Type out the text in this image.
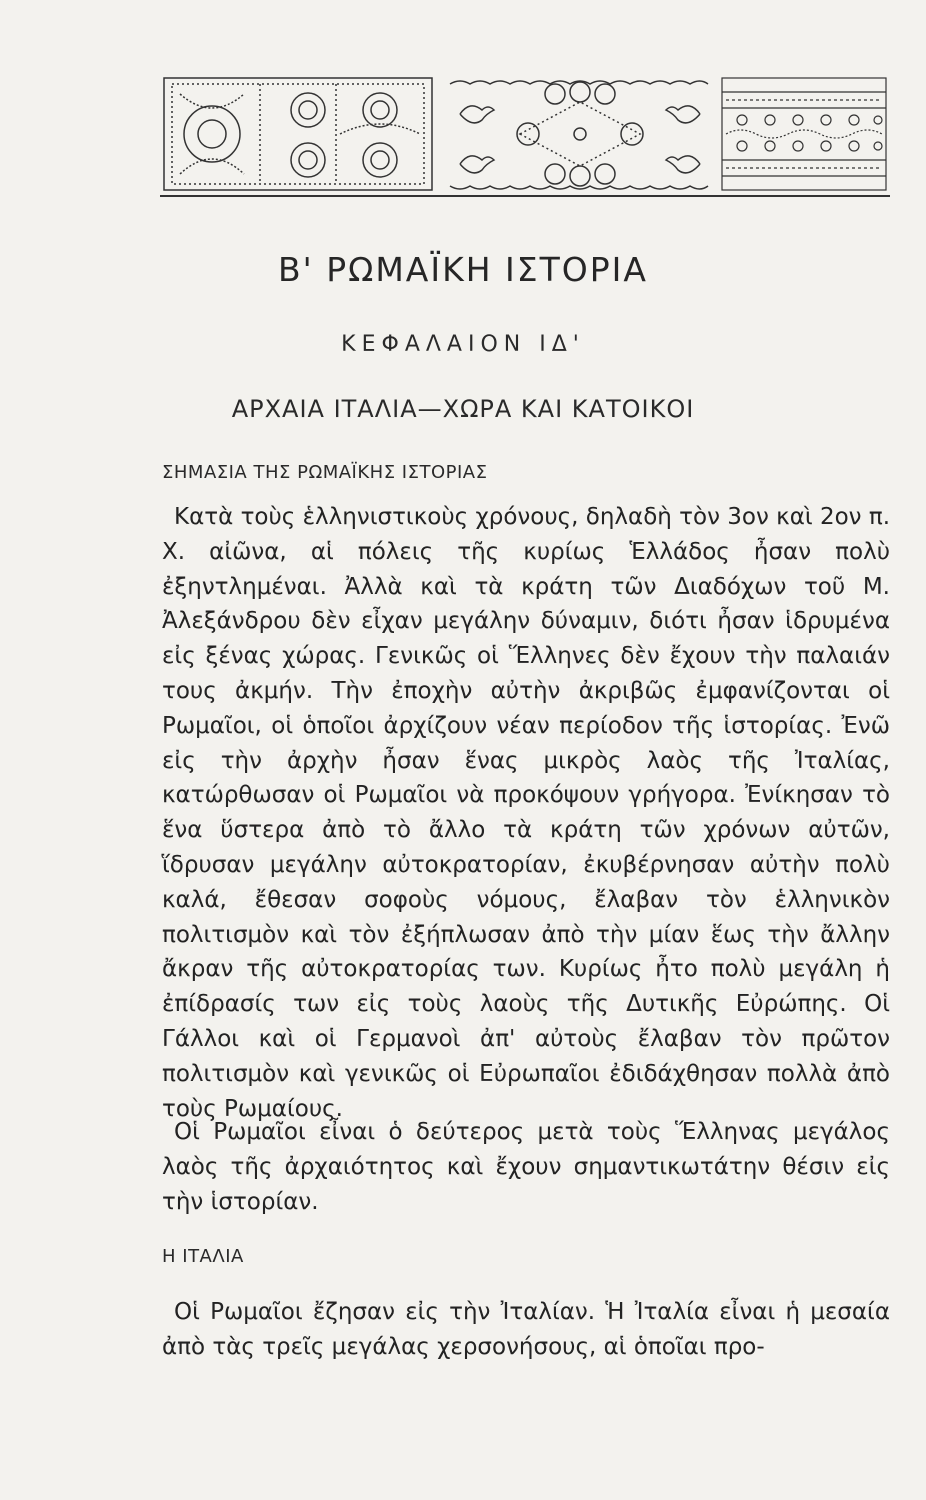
Β' ΡΩΜΑΪΚΗ ΙΣΤΟΡΙΑ
ΚΕΦΑΛΑΙΟΝ ΙΔ'
ΑΡΧΑΙΑ ΙΤΑΛΙΑ—ΧΩΡΑ ΚΑΙ ΚΑΤΟΙΚΟΙ
ΣΗΜΑΣΙΑ ΤΗΣ ΡΩΜΑΪΚΗΣ ΙΣΤΟΡΙΑΣ

Κατὰ τοὺς ἑλληνιστικοὺς χρόνους, δηλαδὴ τὸν 3ον καὶ 2ον π. Χ. αἰῶνα, αἱ πόλεις τῆς κυρίως Ἑλλάδος ἦσαν πολὺ ἐξηντλημέναι. Ἀλλὰ καὶ τὰ κράτη τῶν Διαδόχων τοῦ Μ. Ἀλεξάνδρου δὲν εἶχαν μεγάλην δύναμιν, διότι ἦσαν ἱδρυμένα εἰς ξένας χώρας. Γενικῶς οἱ Ἕλληνες δὲν ἔχουν τὴν παλαιάν τους ἀκμήν. Τὴν ἐποχὴν αὐτὴν ἀκριβῶς ἐμφανίζονται οἱ Ρωμαῖοι, οἱ ὁποῖοι ἀρχίζουν νέαν περίοδον τῆς ἱστορίας. Ἐνῶ εἰς τὴν ἀρχὴν ἦσαν ἕνας μικρὸς λαὸς τῆς Ἰταλίας, κατώρθωσαν οἱ Ρωμαῖοι νὰ προκόψουν γρήγορα. Ἐνίκησαν τὸ ἕνα ὕστερα ἀπὸ τὸ ἄλλο τὰ κράτη τῶν χρόνων αὐτῶν, ἵδρυσαν μεγάλην αὐτοκρατορίαν, ἐκυβέρνησαν αὐτὴν πολὺ καλά, ἔθεσαν σοφοὺς νόμους, ἔλαβαν τὸν ἑλληνικὸν πολιτισμὸν καὶ τὸν ἐξήπλωσαν ἀπὸ τὴν μίαν ἕως τὴν ἄλλην ἄκραν τῆς αὐτοκρατορίας των. Κυρίως ἦτο πολὺ μεγάλη ἡ ἐπίδρασίς των εἰς τοὺς λαοὺς τῆς Δυτικῆς Εὐρώπης. Οἱ Γάλλοι καὶ οἱ Γερμανοὶ ἀπ' αὐτοὺς ἔλαβαν τὸν πρῶτον πολιτισμὸν καὶ γενικῶς οἱ Εὐρωπαῖοι ἐδιδάχθησαν πολλὰ ἀπὸ τοὺς Ρωμαίους.

Οἱ Ρωμαῖοι εἶναι ὁ δεύτερος μετὰ τοὺς Ἕλληνας μεγάλος λαὸς τῆς ἀρχαιότητος καὶ ἔχουν σημαντικωτάτην θέσιν εἰς τὴν ἱστορίαν.

Η ΙΤΑΛΙΑ

Οἱ Ρωμαῖοι ἔζησαν εἰς τὴν Ἰταλίαν. Ἡ Ἰταλία εἶναι ἡ μεσαία ἀπὸ τὰς τρεῖς μεγάλας χερσονήσους, αἱ ὁποῖαι προ-
